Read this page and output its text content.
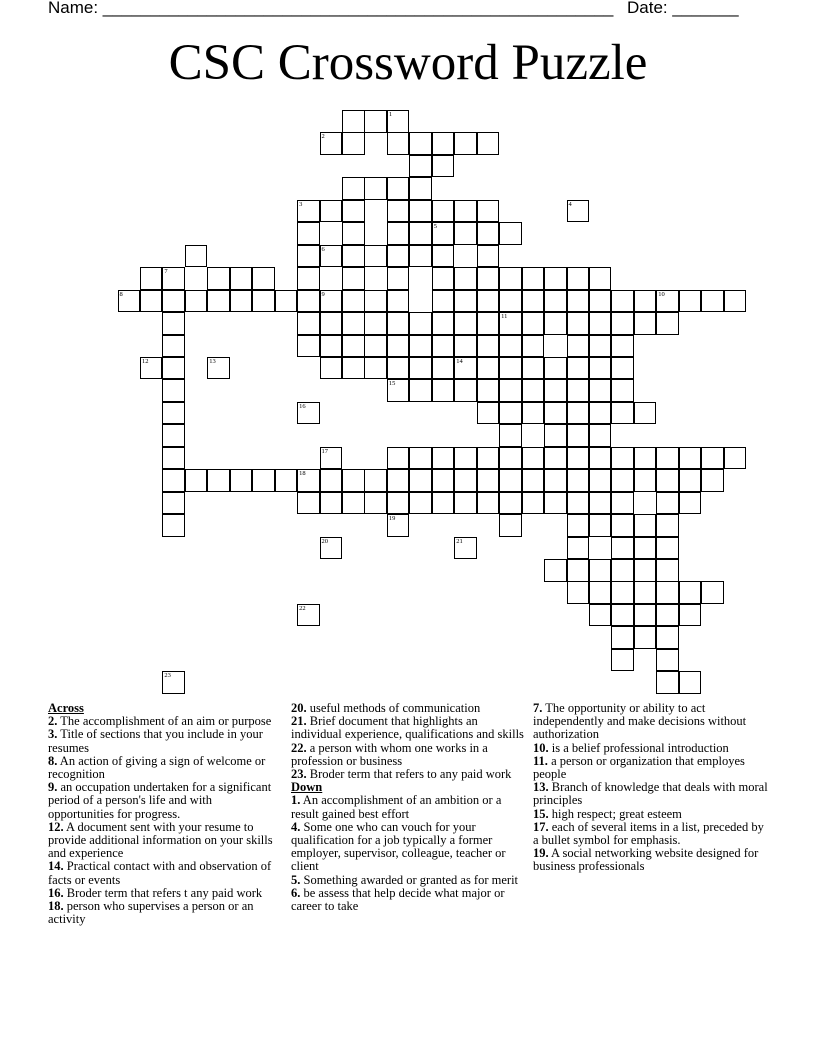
Name: ______________________________________________________ Date: _______
CSC Crossword Puzzle
1
2
5
6
9	10
11
14
18
3	4
7
8
12	13
15
16
17
19
20	21
22
23
Across
2. The accomplishment of an aim or purpose
3. Title of sections that you include in your resumes
8. An action of giving a sign of welcome or recognition
9. an occupation undertaken for a significant period of a person's life and with opportunities for progress.
12. A document sent with your resume to provide additional information on your skills and experience
14. Practical contact with and observation of facts or events
16. Broder term that refers t any paid work
18. person who supervises a person or an activity
20. useful methods of communication
21. Brief document that highlights an individual experience, qualifications and skills
22. a person with whom one works in a profession or business
23. Broder term that refers to any paid work
Down
1. An accomplishment of an ambition or a result gained best effort
4. Some one who can vouch for your qualification for a job typically a former employer, supervisor, colleague, teacher or client
5. Something awarded or granted as for merit
6. be assess that help decide what major or career to take
7. The opportunity or ability to act independently and make decisions without authorization
10. is a belief professional introduction
11. a person or organization that employes people
13. Branch of knowledge that deals with moral principles
15. high respect; great esteem
17. each of several items in a list, preceded by a bullet symbol for emphasis.
19. A social networking website designed for business professionals
